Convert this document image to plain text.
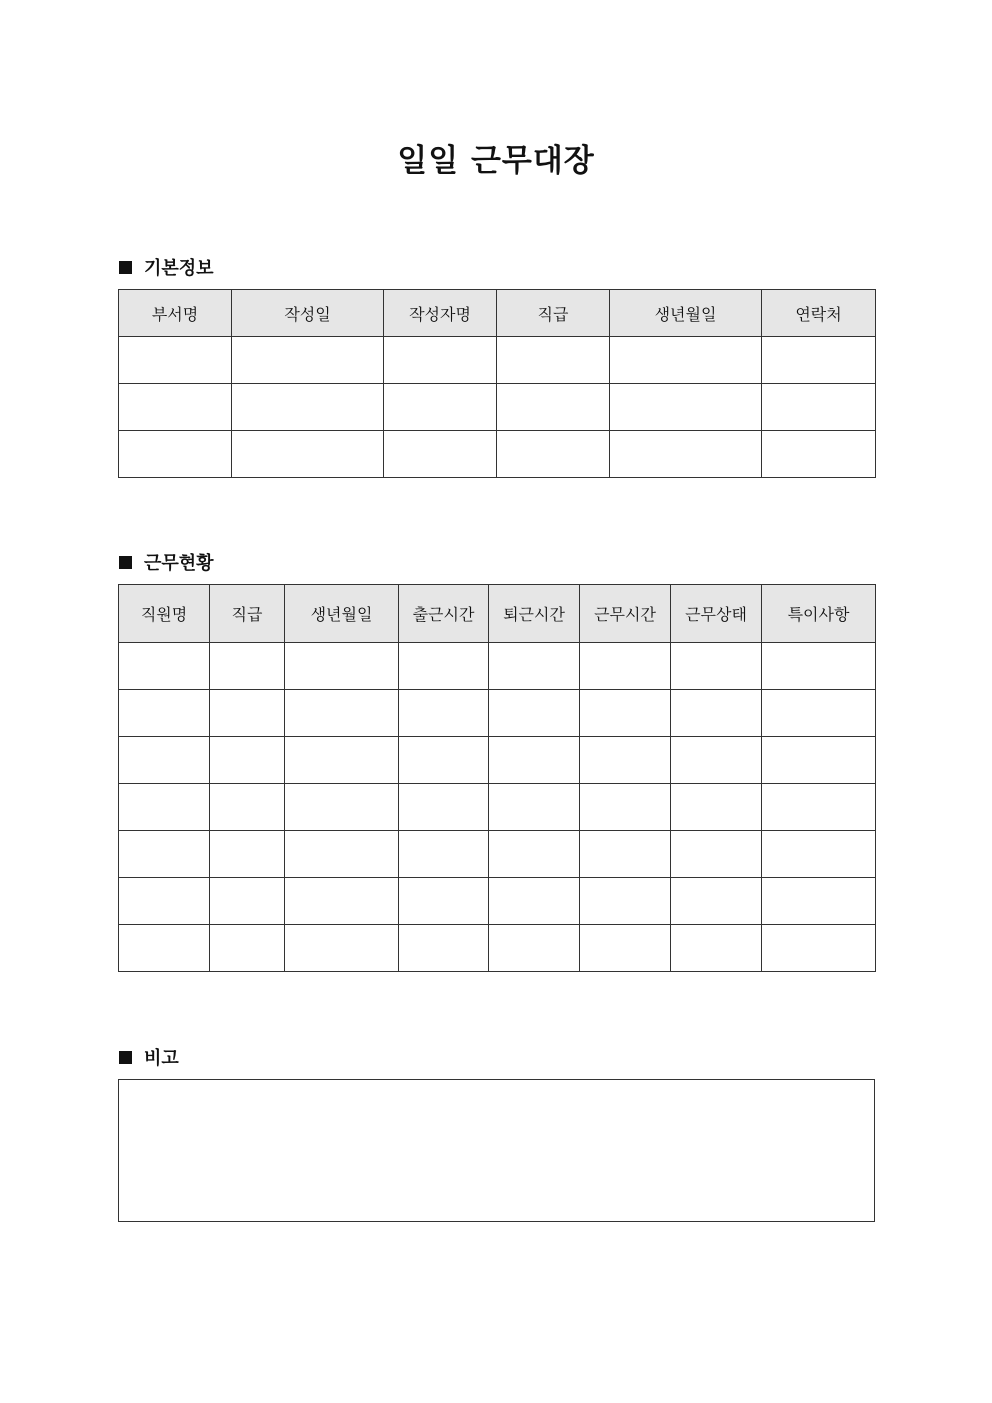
일일 근무대장
기본정보
부서명	작성일	작성자명	직급	생년월일	연락처

근무현황
직원명	직급	생년월일	출근시간	퇴근시간	근무시간	근무상태	특이사항

비고
